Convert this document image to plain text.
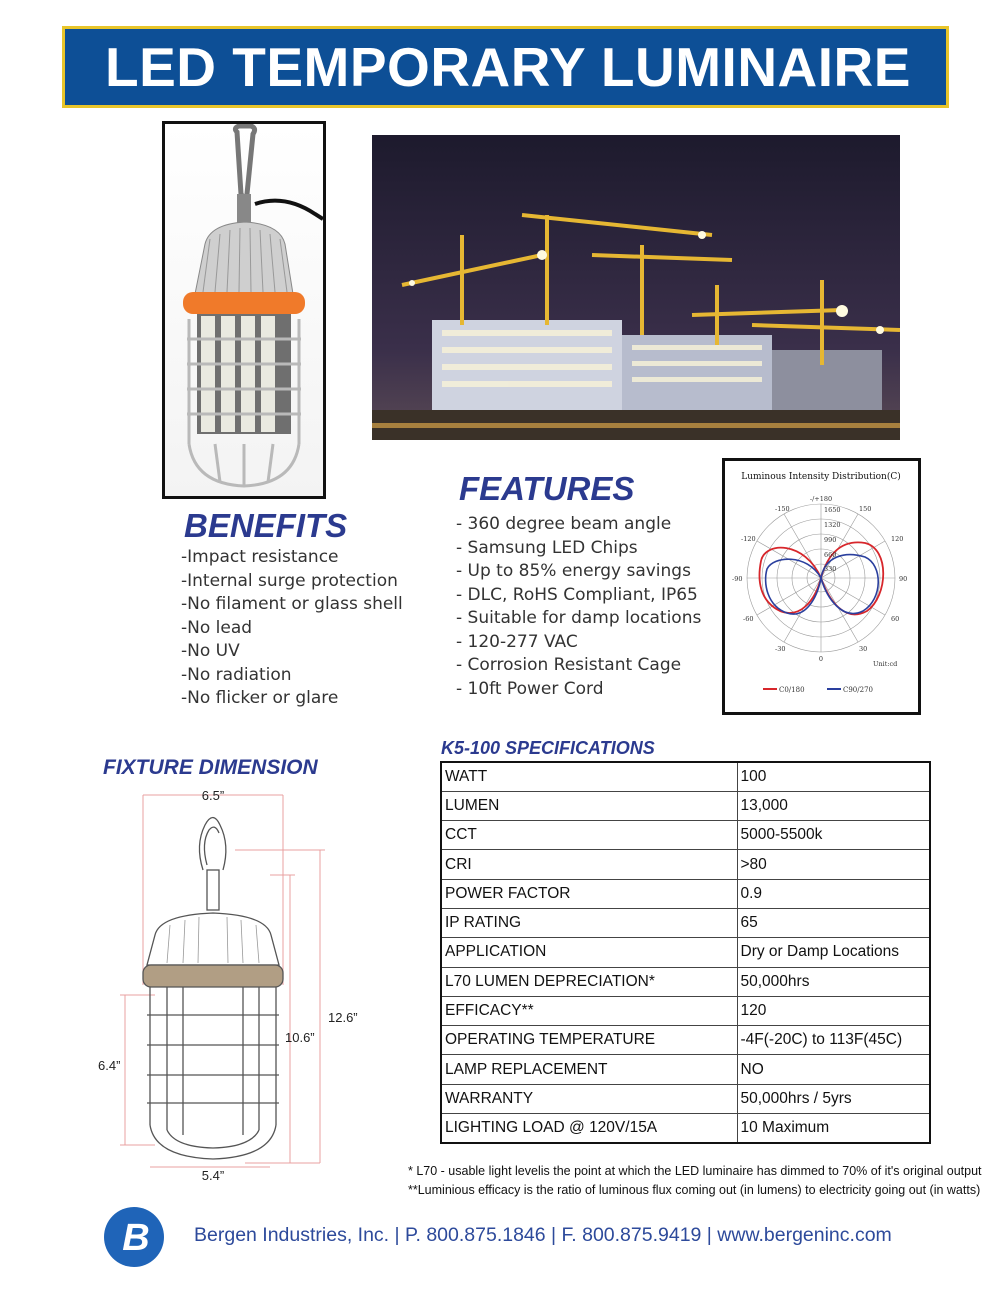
LED TEMPORARY LUMINAIRE
BENEFITS
-Impact resistance
-Internal surge protection
-No filament or glass shell
-No lead
-No UV
-No radiation
-No flicker or glare
FEATURES
- 360 degree beam angle
- Samsung LED Chips
- Up to 85% energy savings
- DLC, RoHS Compliant, IP65
- Suitable for damp locations
- 120-277 VAC
- Corrosion Resistant Cage
- 10ft Power Cord
Luminous Intensity Distribution(C)
-/+180
-150	150
-120	120
-90	90
-60	60
-30	30
0
1650
1320
990
660
330
Unit:cd
C0/180	C90/270
FIXTURE DIMENSION
6.5”
12.6”
10.6”
6.4”
5.4”
K5-100 SPECIFICATIONS
WATT	100
LUMEN	13,000
CCT	5000-5500k
CRI	>80
POWER FACTOR	0.9
IP RATING	65
APPLICATION	Dry or Damp Locations
L70 LUMEN DEPRECIATION*	50,000hrs
EFFICACY**	120
OPERATING TEMPERATURE	-4F(-20C) to 113F(45C)
LAMP REPLACEMENT	NO
WARRANTY	50,000hrs / 5yrs
LIGHTING LOAD @ 120V/15A	10 Maximum
* L70 - usable light levelis the point at which the LED luminaire has dimmed to 70% of it's original output
**Luminious efficacy is the ratio of luminous flux coming out (in lumens) to electricity going out (in watts)
B Bergen Industries, Inc. | P. 800.875.1846 | F. 800.875.9419 | www.bergeninc.com
